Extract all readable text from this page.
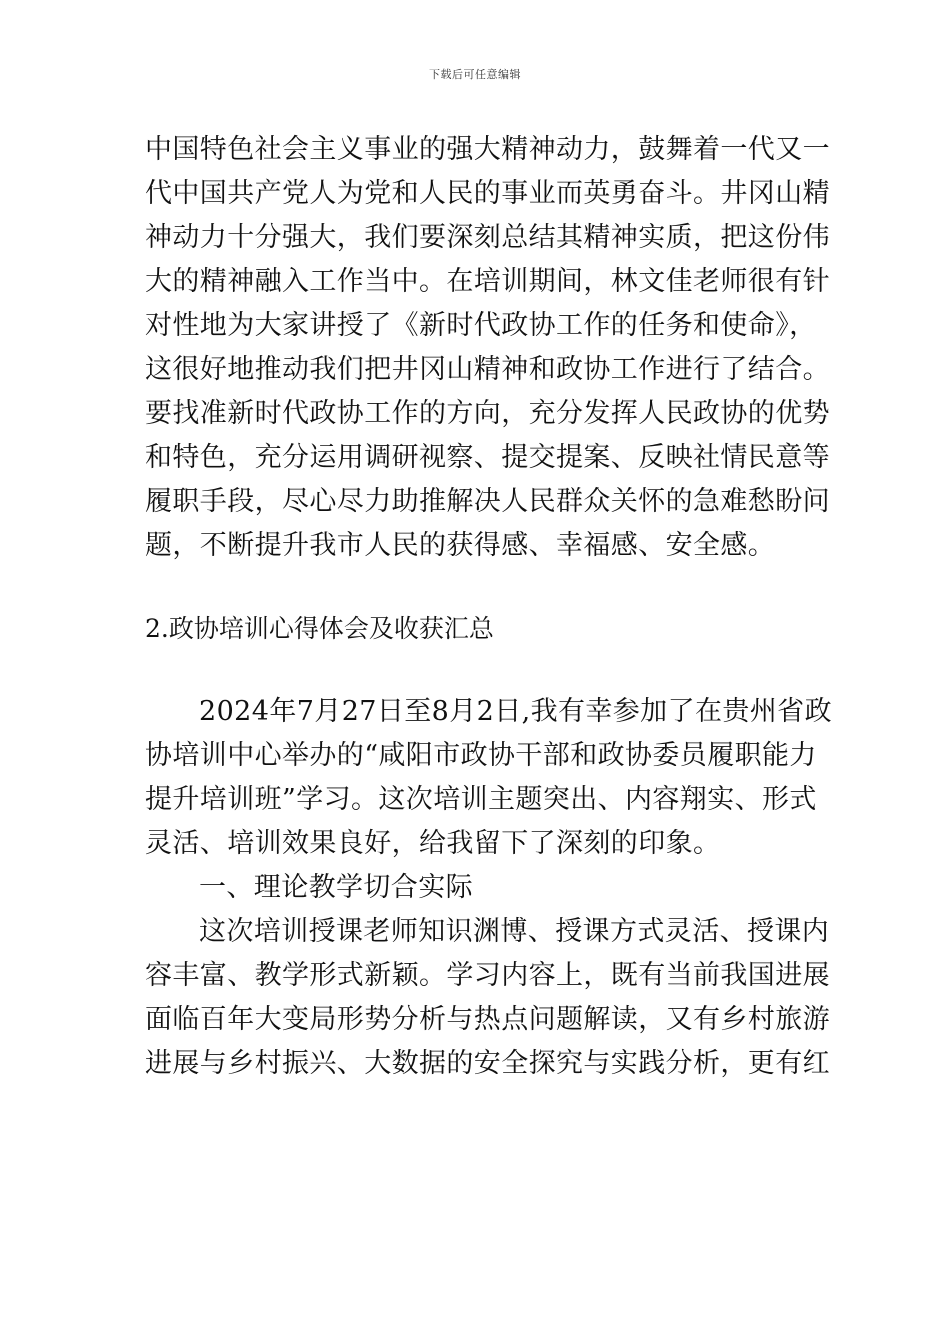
下载后可任意编辑
中国特色社会主义事业的强大精神动力，鼓舞着一代又一
代中国共产党人为党和人民的事业而英勇奋斗。井冈山精
神动力十分强大，我们要深刻总结其精神实质，把这份伟
大的精神融入工作当中。在培训期间，林文佳老师很有针
对性地为大家讲授了《新时代政协工作的任务和使命》，
这很好地推动我们把井冈山精神和政协工作进行了结合。
要找准新时代政协工作的方向，充分发挥人民政协的优势
和特色，充分运用调研视察、提交提案、反映社情民意等
履职手段，尽心尽力助推解决人民群众关怀的急难愁盼问
题，不断提升我市人民的获得感、幸福感、安全感。
2.政协培训心得体会及收获汇总
2024年7月27日至8月2日,我有幸参加了在贵州省政
协培训中心举办的“咸阳市政协干部和政协委员履职能力
提升培训班”学习。这次培训主题突出、内容翔实、形式
灵活、培训效果良好，给我留下了深刻的印象。
一、理论教学切合实际
这次培训授课老师知识渊博、授课方式灵活、授课内
容丰富、教学形式新颖。学习内容上，既有当前我国进展
面临百年大变局形势分析与热点问题解读，又有乡村旅游
进展与乡村振兴、大数据的安全探究与实践分析，更有红
